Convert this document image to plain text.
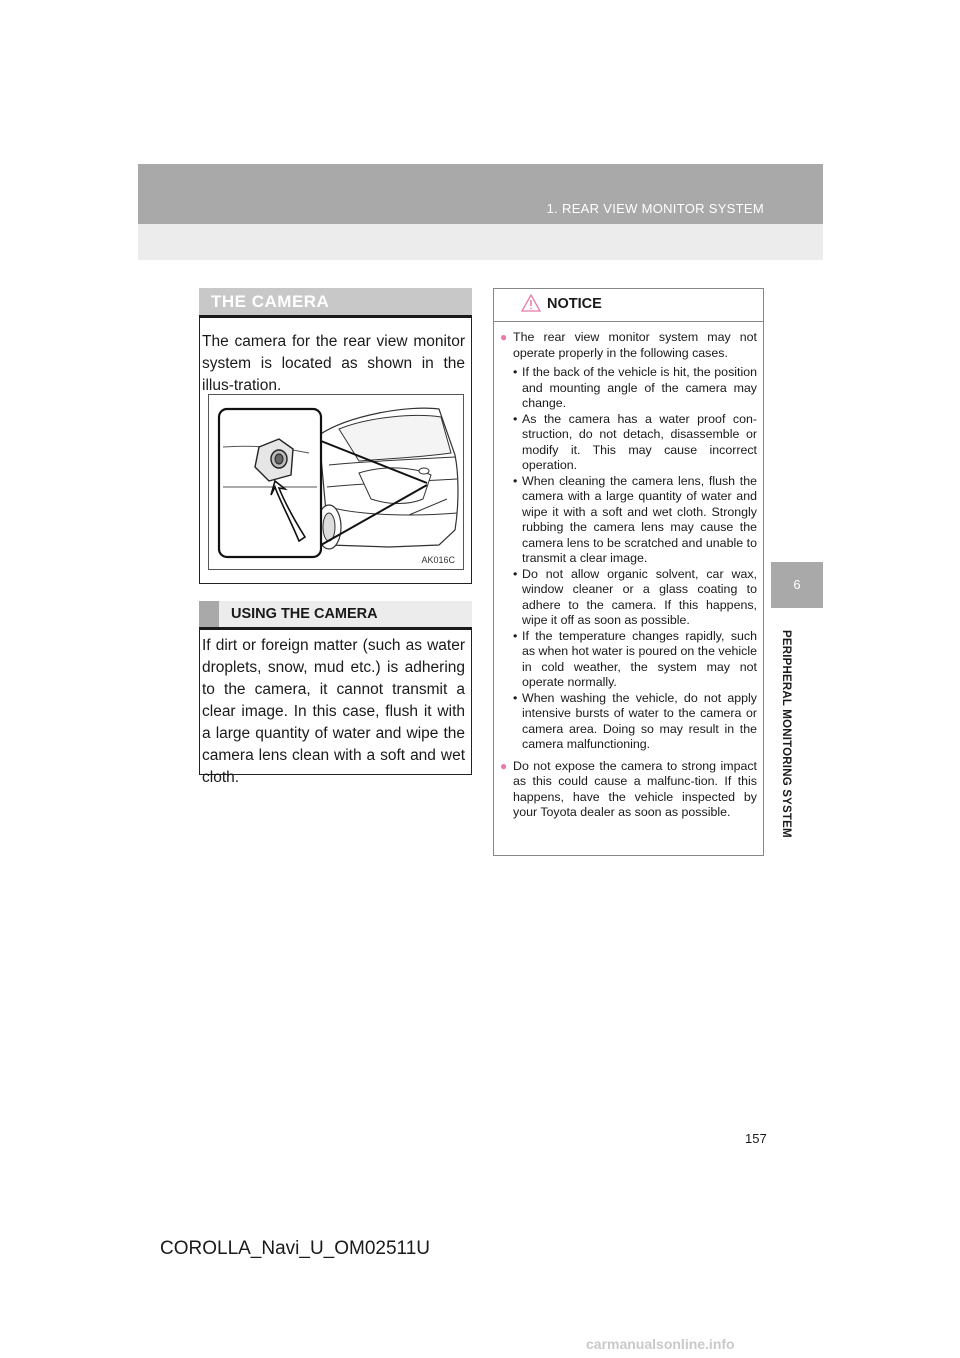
1. REAR VIEW MONITOR SYSTEM
6
PERIPHERAL MONITORING SYSTEM
THE CAMERA
The camera for the rear view monitor system is located as shown in the illus-tration.
AK016C
USING THE CAMERA
If dirt or foreign matter (such as water droplets, snow, mud etc.) is adhering to the camera, it cannot transmit a clear image. In this case, flush it with a large quantity of water and wipe the camera lens clean with a soft and wet cloth.
NOTICE
● The rear view monitor system may not operate properly in the following cases.
• If the back of the vehicle is hit, the position and mounting angle of the camera may change.
• As the camera has a water proof con-struction, do not detach, disassemble or modify it. This may cause incorrect operation.
• When cleaning the camera lens, flush the camera with a large quantity of water and wipe it with a soft and wet cloth. Strongly rubbing the camera lens may cause the camera lens to be scratched and unable to transmit a clear image.
• Do not allow organic solvent, car wax, window cleaner or a glass coating to adhere to the camera. If this happens, wipe it off as soon as possible.
• If the temperature changes rapidly, such as when hot water is poured on the vehicle in cold weather, the system may not operate normally.
• When washing the vehicle, do not apply intensive bursts of water to the camera or camera area. Doing so may result in the camera malfunctioning.
● Do not expose the camera to strong impact as this could cause a malfunc-tion. If this happens, have the vehicle inspected by your Toyota dealer as soon as possible.
157
COROLLA_Navi_U_OM02511U
carmanualsonline.info
